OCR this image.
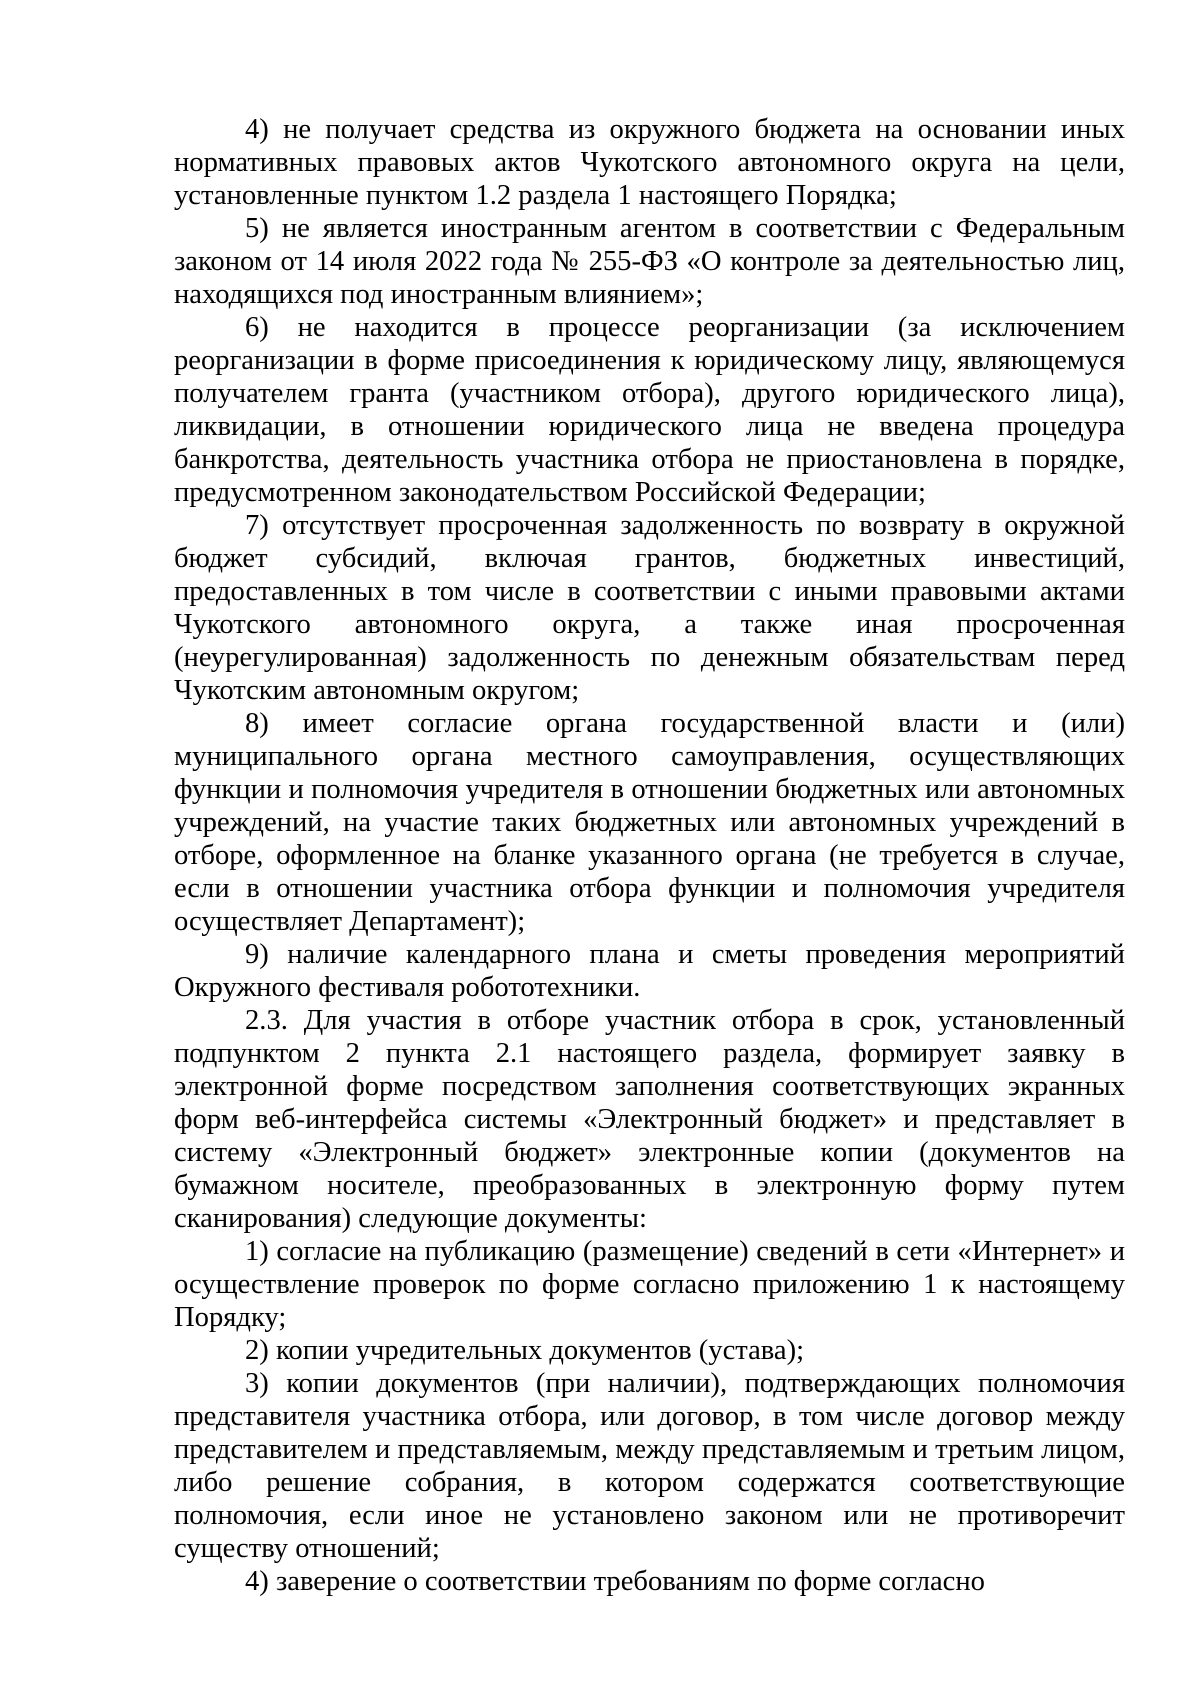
4) не получает средства из окружного бюджета на основании иных нормативных правовых актов Чукотского автономного округа на цели, установленные пунктом 1.2 раздела 1 настоящего Порядка;

5) не является иностранным агентом в соответствии с Федеральным законом от 14 июля 2022 года № 255-ФЗ «О контроле за деятельностью лиц, находящихся под иностранным влиянием»;

6) не находится в процессе реорганизации (за исключением реорганизации в форме присоединения к юридическому лицу, являющемуся получателем гранта (участником отбора), другого юридического лица), ликвидации, в отношении юридического лица не введена процедура банкротства, деятельность участника отбора не приостановлена в порядке, предусмотренном законодательством Российской Федерации;

7) отсутствует просроченная задолженность по возврату в окружной бюджет субсидий, включая грантов, бюджетных инвестиций, предоставленных в том числе в соответствии с иными правовыми актами Чукотского автономного округа, а также иная просроченная (неурегулированная) задолженность по денежным обязательствам перед Чукотским автономным округом;

8) имеет согласие органа государственной власти и (или) муниципального органа местного самоуправления, осуществляющих функции и полномочия учредителя в отношении бюджетных или автономных учреждений, на участие таких бюджетных или автономных учреждений в отборе, оформленное на бланке указанного органа (не требуется в случае, если в отношении участника отбора функции и полномочия учредителя осуществляет Департамент);

9) наличие календарного плана и сметы проведения мероприятий Окружного фестиваля робототехники.

2.3. Для участия в отборе участник отбора в срок, установленный подпунктом 2 пункта 2.1 настоящего раздела, формирует заявку в электронной форме посредством заполнения соответствующих экранных форм веб-интерфейса системы «Электронный бюджет» и представляет в систему «Электронный бюджет» электронные копии (документов на бумажном носителе, преобразованных в электронную форму путем сканирования) следующие документы:

1) согласие на публикацию (размещение) сведений в сети «Интернет» и осуществление проверок по форме согласно приложению 1 к настоящему Порядку;

2) копии учредительных документов (устава);

3) копии документов (при наличии), подтверждающих полномочия представителя участника отбора, или договор, в том числе договор между представителем и представляемым, между представляемым и третьим лицом, либо решение собрания, в котором содержатся соответствующие полномочия, если иное не установлено законом или не противоречит существу отношений;

4) заверение о соответствии требованиям по форме согласно
